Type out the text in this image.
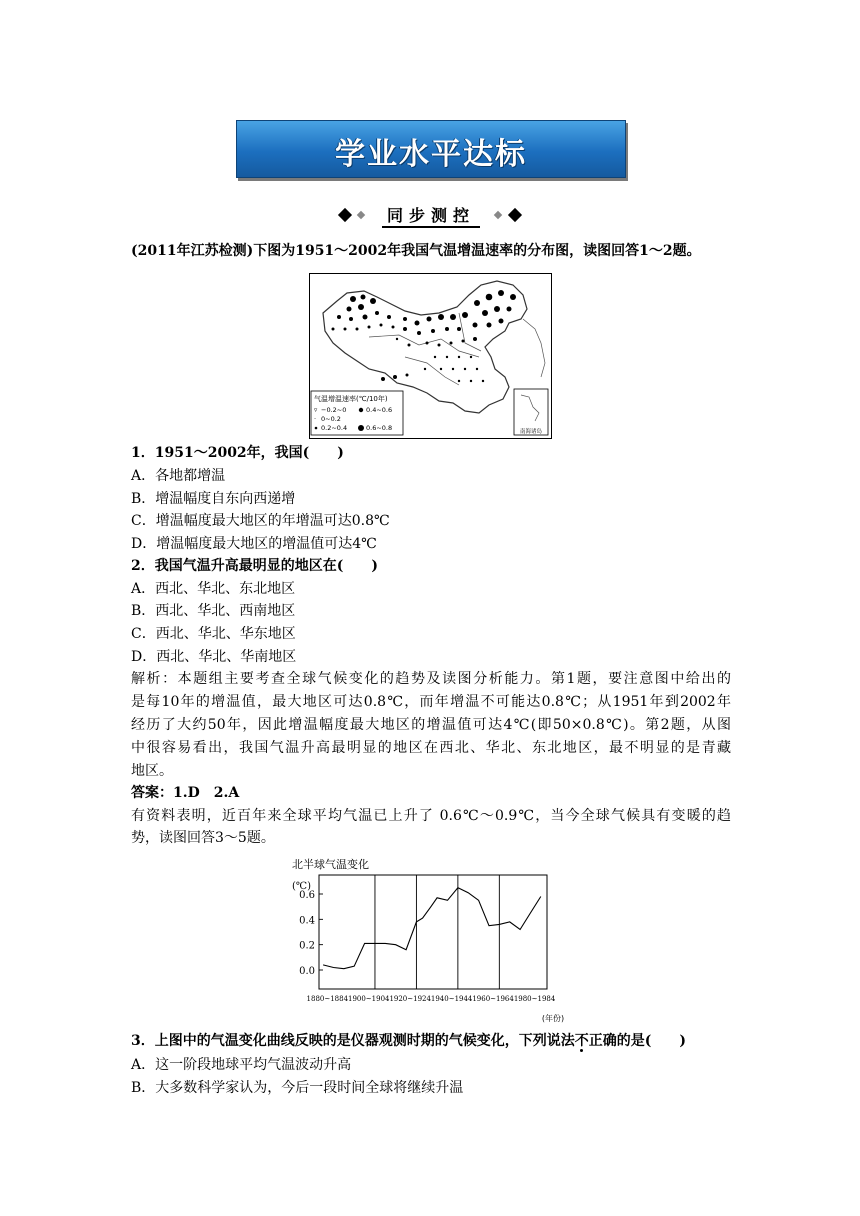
学业水平达标
同步测控
(2011年江苏检测)下图为1951～2002年我国气温增温速率的分布图，读图回答1～2题。
气温增温速率(℃/10年)
▿ −0.2~0	0.4~0.6
· 0~0.2
0.2~0.4	0.6~0.8	南海诸岛
1．1951～2002年，我国(　　)
A．各地都增温
B．增温幅度自东向西递增
C．增温幅度最大地区的年增温可达0.8℃
D．增温幅度最大地区的增温值可达4℃
2．我国气温升高最明显的地区在(　　)
A．西北、华北、东北地区
B．西北、华北、西南地区
C．西北、华北、华东地区
D．西北、华北、华南地区
解析：本题组主要考查全球气候变化的趋势及读图分析能力。第1题，要注意图中给出的
是每10年的增温值，最大地区可达0.8℃，而年增温不可能达0.8℃；从1951年到2002年
经历了大约50年，因此增温幅度最大地区的增温值可达4℃(即50×0.8℃)。第2题，从图
中很容易看出，我国气温升高最明显的地区在西北、华北、东北地区，最不明显的是青藏
地区。
答案：1.D　2.A
有资料表明，近百年来全球平均气温已上升了 0.6℃～0.9℃，当今全球气候具有变暖的趋
势，读图回答3～5题。
北半球气温变化
(℃)
0.6
0.4
0.2
0.0
1880~1884 1900~1904 1920~1924 1940~1944 1960~1964 1980~1984
(年份)
3．上图中的气温变化曲线反映的是仪器观测时期的气候变化，下列说法不正确的是(　　)
A．这一阶段地球平均气温波动升高
B．大多数科学家认为，今后一段时间全球将继续升温
